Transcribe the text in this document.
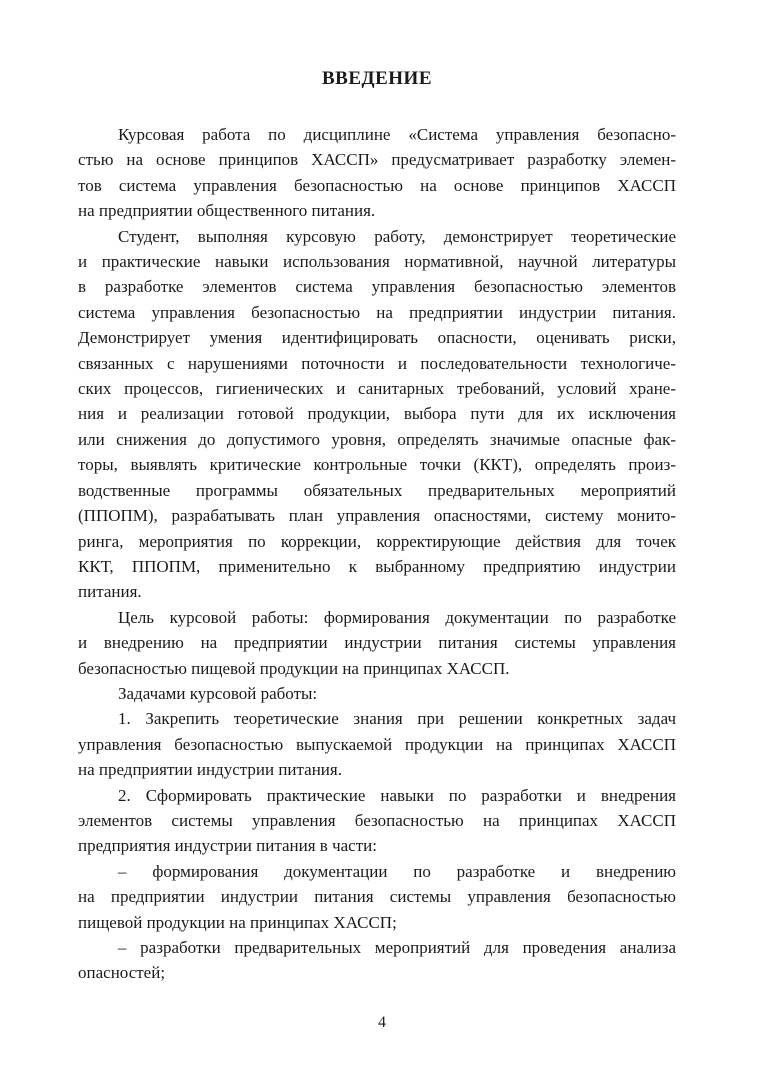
ВВЕДЕНИЕ
Курсовая работа по дисциплине «Система управления безопасно-
стью на основе принципов ХАССП» предусматривает разработку элемен-
тов система управления безопасностью на основе принципов ХАССП
на предприятии общественного питания.
Студент, выполняя курсовую работу, демонстрирует теоретические
и практические навыки использования нормативной, научной литературы
в разработке элементов система управления безопасностью элементов
система управления безопасностью на предприятии индустрии питания.
Демонстрирует умения идентифицировать опасности, оценивать риски,
связанных с нарушениями поточности и последовательности технологиче-
ских процессов, гигиенических и санитарных требований, условий хране-
ния и реализации готовой продукции, выбора пути для их исключения
или снижения до допустимого уровня, определять значимые опасные фак-
торы, выявлять критические контрольные точки (ККТ), определять произ-
водственные программы обязательных предварительных мероприятий
(ППОПМ), разрабатывать план управления опасностями, систему монито-
ринга, мероприятия по коррекции, корректирующие действия для точек
ККТ, ППОПМ, применительно к выбранному предприятию индустрии
питания.
Цель курсовой работы: формирования документации по разработке
и внедрению на предприятии индустрии питания системы управления
безопасностью пищевой продукции на принципах ХАССП.
Задачами курсовой работы:
1. Закрепить теоретические знания при решении конкретных задач
управления безопасностью выпускаемой продукции на принципах ХАССП
на предприятии индустрии питания.
2. Сформировать практические навыки по разработки и внедрения
элементов системы управления безопасностью на принципах ХАССП
предприятия индустрии питания в части:
– формирования документации по разработке и внедрению
на предприятии индустрии питания системы управления безопасностью
пищевой продукции на принципах ХАССП;
– разработки предварительных мероприятий для проведения анализа
опасностей;
4
